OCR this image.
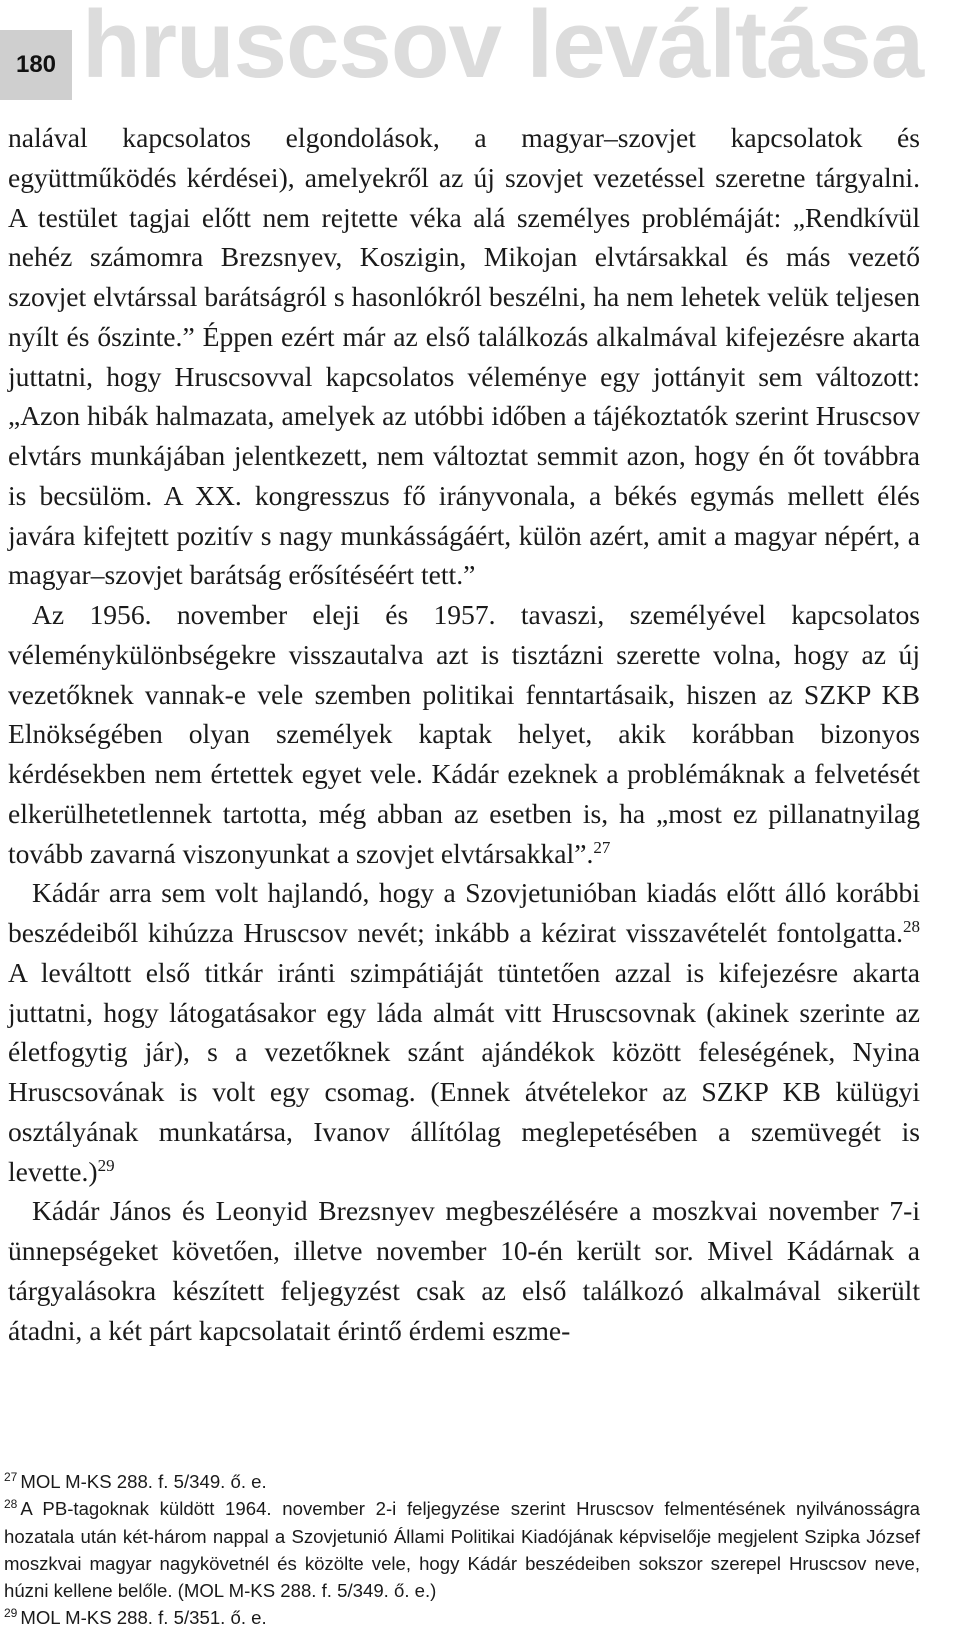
hruscsov leváltása
180

nalával kapcsolatos elgondolások, a magyar–szovjet kapcsolatok és együttműködés kérdései), amelyekről az új szovjet vezetéssel szeretne tárgyalni. A testület tagjai előtt nem rejtette véka alá személyes problémáját: „Rendkívül nehéz számomra Brezsnyev, Koszigin, Mikojan elvtársakkal és más vezető szovjet elvtárssal barátságról s hasonlókról beszélni, ha nem lehetek velük teljesen nyílt és őszinte.” Éppen ezért már az első találkozás alkalmával kifejezésre akarta juttatni, hogy Hruscsovval kapcsolatos véleménye egy jottányit sem változott: „Azon hibák halmazata, amelyek az utóbbi időben a tájékoztatók szerint Hruscsov elvtárs munkájában jelentkezett, nem változtat semmit azon, hogy én őt továbbra is becsülöm. A XX. kongresszus fő irányvonala, a békés egymás mellett élés javára kifejtett pozitív s nagy munkásságáért, külön azért, amit a magyar népért, a magyar–szovjet barátság erősítéséért tett.”

Az 1956. november eleji és 1957. tavaszi, személyével kapcsolatos véleménykülönbségekre visszautalva azt is tisztázni szerette volna, hogy az új vezetőknek vannak-e vele szemben politikai fenntartásaik, hiszen az SZKP KB Elnökségében olyan személyek kaptak helyet, akik korábban bizonyos kérdésekben nem értettek egyet vele. Kádár ezeknek a problémáknak a felvetését elkerülhetetlennek tartotta, még abban az esetben is, ha „most ez pillanatnyilag tovább zavarná viszonyunkat a szovjet elvtársakkal”.$^{27}$

Kádár arra sem volt hajlandó, hogy a Szovjetunióban kiadás előtt álló korábbi beszédeiből kihúzza Hruscsov nevét; inkább a kézirat visszavételét fontolgatta.$^{28}$ A leváltott első titkár iránti szimpátiáját tüntetően azzal is kifejezésre akarta juttatni, hogy látogatásakor egy láda almát vitt Hruscsovnak (akinek szerinte az életfogytig jár), s a vezetőknek szánt ajándékok között feleségének, Nyina Hruscsovának is volt egy csomag. (Ennek átvételekor az SZKP KB külügyi osztályának munkatársa, Ivanov állítólag meglepetésében a szemüvegét is levette.)$^{29}$

Kádár János és Leonyid Brezsnyev megbeszélésére a moszkvai november 7-i ünnepségeket követően, illetve november 10-én került sor. Mivel Kádárnak a tárgyalásokra készített feljegyzést csak az első találkozó alkalmával sikerült átadni, a két párt kapcsolatait érintő érdemi eszme-

$^{27}$ MOL M-KS 288. f. 5/349. ő. e.

$^{28}$ A PB-tagoknak küldött 1964. november 2-i feljegyzése szerint Hruscsov felmentésének nyilvánosságra hozatala után két-három nappal a Szovjetunió Állami Politikai Kiadójának képviselője megjelent Szipka József moszkvai magyar nagykövetnél és közölte vele, hogy Kádár beszédeiben sokszor szerepel Hruscsov neve, húzni kellene belőle. (MOL M-KS 288. f. 5/349. ő. e.)

$^{29}$ MOL M-KS 288. f. 5/351. ő. e.
